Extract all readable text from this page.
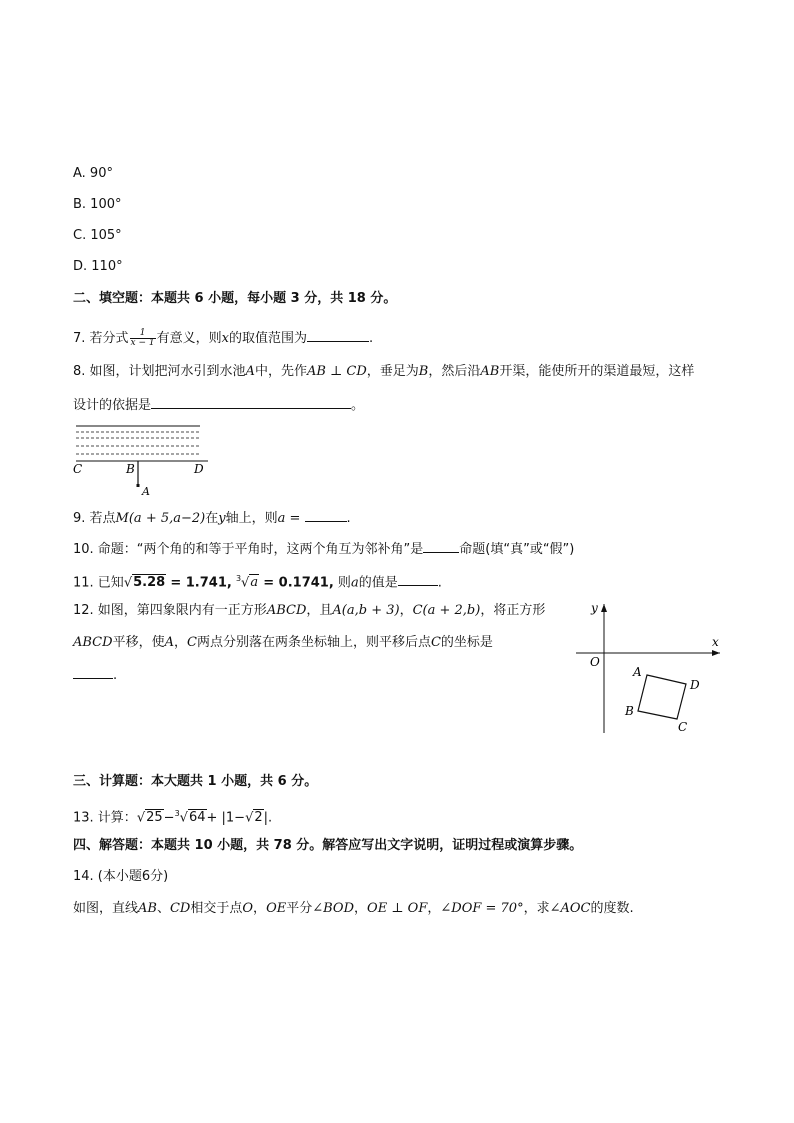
A. 90°
B. 100°
C. 105°
D. 110°
二、填空题：本题共 6 小题，每小题 3 分，共 18 分。
7. 若分式 $\frac{1}{x - 1}$ 有意义，则x的取值范围为	.
8. 如图，计划把河水引到水池A中，先作AB ⊥ CD，垂足为B，然后沿AB开渠，能使所开的渠道最短，这样
设计的依据是	。
C	B	D
A
9. 若点M(a + 5,a−2)在y轴上，则a =	.
10. 命题：“两个角的和等于平角时，这两个角互为邻补角”是	命题(填“真”或“假”)
11. 已知√5.28 = 1.741, $^3$√a = 0.1741, 则a的值是	.
12. 如图，第四象限内有一正方形ABCD，且A(a,b + 3)，C(a + 2,b)，将正方形
ABCD平移，使A，C两点分别落在两条坐标轴上，则平移后点C的坐标是
.
y
x
O
A
D
B
C
三、计算题：本大题共 1 小题，共 6 分。
13. 计算：√25−$^3$√64+ |1−√2|.
四、解答题：本题共 10 小题，共 78 分。解答应写出文字说明，证明过程或演算步骤。
14. (本小题6分)
如图，直线AB、CD相交于点O，OE平分∠BOD，OE ⊥ OF，∠DOF = 70°，求∠AOC的度数.
